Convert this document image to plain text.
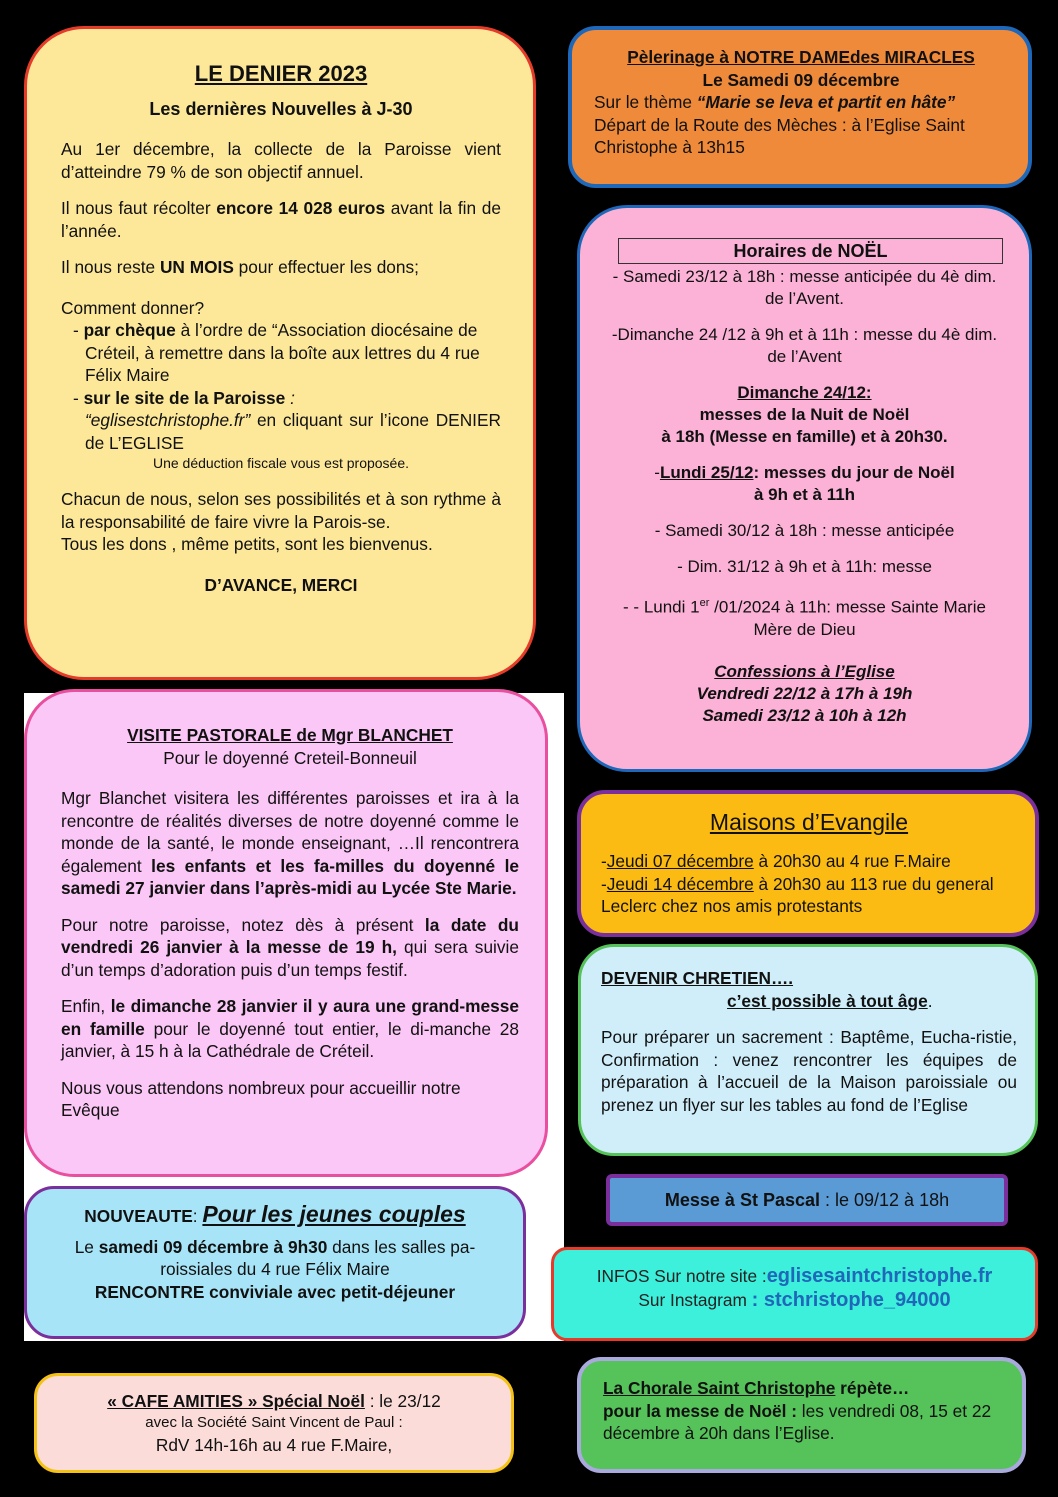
LE DENIER 2023
Les dernières Nouvelles à J-30

Au 1er décembre, la collecte de la Paroisse vient d’atteindre 79 % de son objectif annuel.

Il nous faut récolter encore 14 028 euros avant la fin de l’année.

Il nous reste UN MOIS pour effectuer les dons;

Comment donner?

- par chèque à l’ordre de “Association diocésaine de Créteil, à remettre dans la boîte aux lettres du 4 rue Félix Maire

- sur le site de la Paroisse :

“eglisestchristophe.fr” en cliquant sur l’icone DENIER de L’EGLISE

Une déduction fiscale vous est proposée.

Chacun de nous, selon ses possibilités et à son rythme à la responsabilité de faire vivre la Parois-se.

Tous les dons , même petits, sont les bienvenus.

D’AVANCE, MERCI

Pèlerinage à NOTRE DAMEdes MIRACLES

Le Samedi 09 décembre

Sur le thème “Marie se leva et partit en hâte”

Départ de la Route des Mèches : à l’Eglise Saint Christophe à 13h15

Horaires de NOËL

- Samedi 23/12 à 18h : messe anticipée du 4è dim. de l’Avent.

-Dimanche 24 /12 à 9h et à 11h : messe du 4è dim. de l’Avent

Dimanche 24/12:

messes de la Nuit de Noël

à 18h (Messe en famille) et à 20h30.

-Lundi 25/12: messes du jour de Noël

à 9h et à 11h

- Samedi 30/12 à 18h : messe anticipée

- Dim. 31/12 à 9h et à 11h: messe

- - Lundi 1er /01/2024 à 11h: messe Sainte Marie Mère de Dieu

Confessions à l’Eglise

Vendredi 22/12 à 17h à 19h

Samedi 23/12 à 10h à 12h

VISITE PASTORALE de Mgr BLANCHET

Pour le doyenné Creteil-Bonneuil

Mgr Blanchet visitera les différentes paroisses et ira à la rencontre de réalités diverses de notre doyenné comme le monde de la santé, le monde enseignant, …Il rencontrera également les enfants et les fa-milles du doyenné le samedi 27 janvier dans l’après-midi au Lycée Ste Marie.

Pour notre paroisse, notez dès à présent la date du vendredi 26 janvier à la messe de 19 h, qui sera suivie d’un temps d’adoration puis d’un temps festif.

Enfin, le dimanche 28 janvier il y aura une grand-messe en famille pour le doyenné tout entier, le di-manche 28 janvier, à 15 h à la Cathédrale de Créteil.

Nous vous attendons nombreux pour accueillir notre Evêque

Maisons d’Evangile

-Jeudi 07 décembre à 20h30 au 4 rue F.Maire

-Jeudi 14 décembre à 20h30 au 113 rue du general Leclerc chez nos amis protestants

DEVENIR CHRETIEN….

c’est possible à tout âge.

Pour préparer un sacrement : Baptême, Eucha-ristie, Confirmation : venez rencontrer les équipes de préparation à l’accueil de la Maison paroissiale ou prenez un flyer sur les tables au fond de l’Eglise

NOUVEAUTE: Pour les jeunes couples

Le samedi 09 décembre à 9h30 dans les salles pa-roissiales du 4 rue Félix Maire

RENCONTRE conviviale avec petit-déjeuner

Messe à St Pascal : le 09/12 à 18h

INFOS Sur notre site :eglisesaintchristophe.fr

Sur Instagram : stchristophe_94000

« CAFE AMITIES » Spécial Noël : le 23/12

avec la Société Saint Vincent de Paul :

RdV 14h-16h au 4 rue F.Maire,

La Chorale Saint Christophe répète…

pour la messe de Noël : les vendredi 08, 15 et 22 décembre à 20h dans l’Eglise.
